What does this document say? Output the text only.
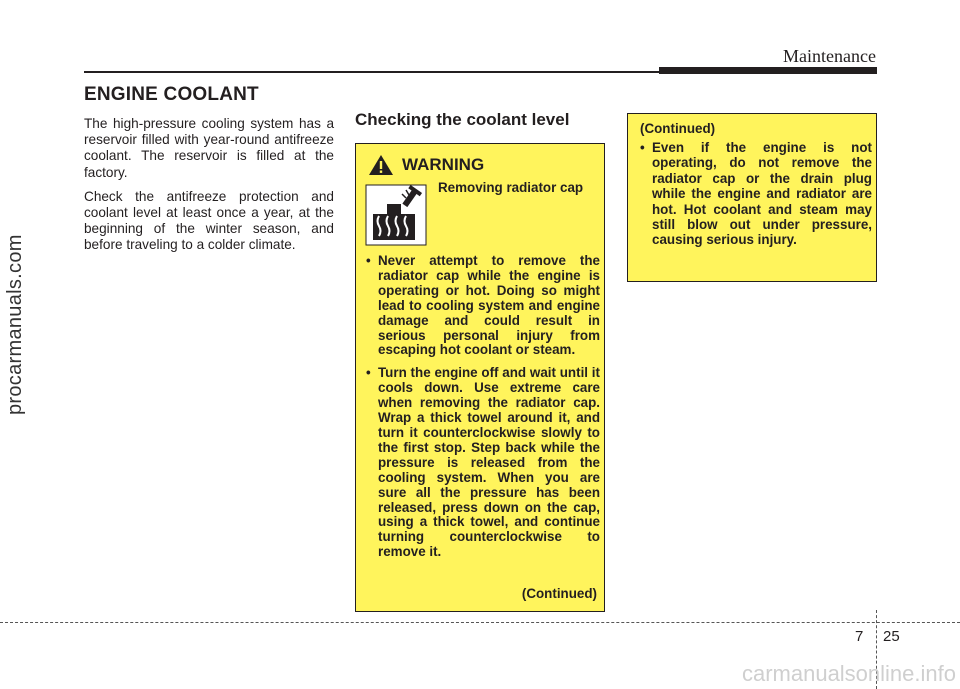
Maintenance
ENGINE COOLANT

The high-pressure cooling system has a reservoir filled with year-round antifreeze coolant. The reservoir is filled at the factory.

Check the antifreeze protection and coolant level at least once a year, at the beginning of the winter season, and before traveling to a colder climate.

Checking the coolant level
WARNING
Removing radiator cap
• Never attempt to remove the radiator cap while the engine is operating or hot. Doing so might lead to cooling system and engine damage and could result in serious personal injury from escaping hot coolant or steam.
• Turn the engine off and wait until it cools down. Use extreme care when removing the radiator cap. Wrap a thick towel around it, and turn it counterclockwise slowly to the first stop. Step back while the pressure is released from the cooling system. When you are sure all the pressure has been released, press down on the cap, using a thick towel, and continue turning counterclockwise to remove it.
(Continued)
(Continued)
• Even if the engine is not operating, do not remove the radiator cap or the drain plug while the engine and radiator are hot. Hot coolant and steam may still blow out under pressure, causing serious injury.
7 25
procarmanuals.com
carmanualsonline.info
